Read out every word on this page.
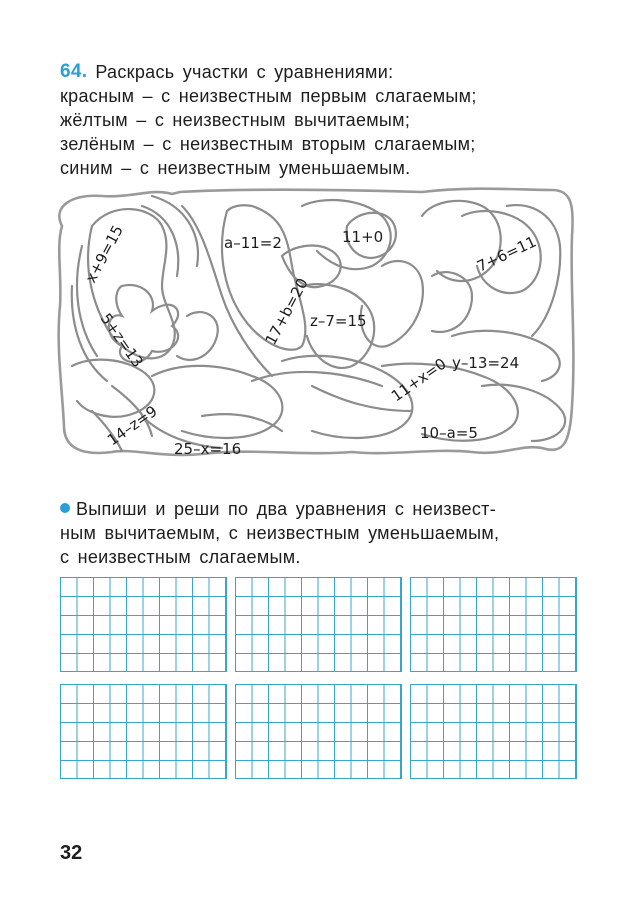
64. Раскрась участки с уравнениями:
красным – с неизвестным первым слагаемым;
жёлтым – с неизвестным вычитаемым;
зелёным – с неизвестным вторым слагаемым;
синим – с неизвестным уменьшаемым.
x+9=15	a–11=2	11+0	7+6=11
5+z=13	17+b=20
z–7=15
y–13=24
11+x=0
14–z=9 25–x=16
10–a=5
Выпиши и реши по два уравнения с неизвест-
ным вычитаемым, с неизвестным уменьшаемым,
с неизвестным слагаемым.
32
